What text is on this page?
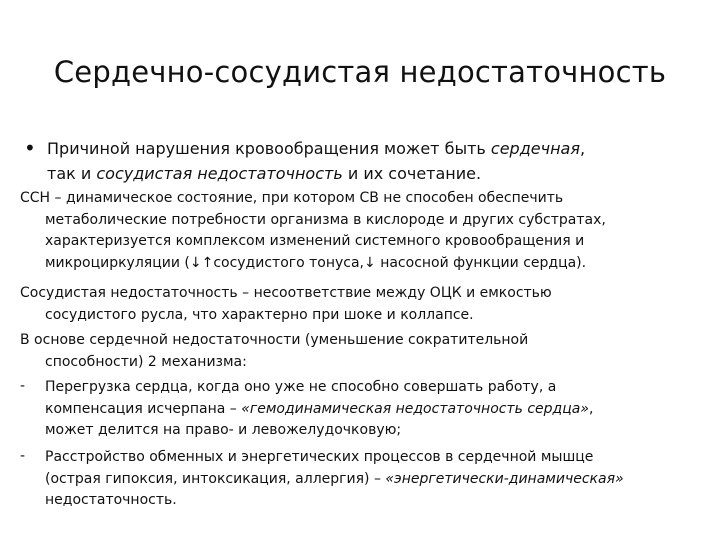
Сердечно-сосудистая недостаточность
• Причиной нарушения кровообращения может быть сердечная,
так и сосудистая недостаточность и их сочетание.
ССН – динамическое состояние, при котором СВ не способен обеспечить
метаболические потребности организма в кислороде и других субстратах,
характеризуется комплексом изменений системного кровообращения и
микроциркуляции (↓↑сосудистого тонуса,↓ насосной функции сердца).
Сосудистая недостаточность – несоответствие между ОЦК и емкостью
сосудистого русла, что характерно при шоке и коллапсе.
В основе сердечной недостаточности (уменьшение сократительной
способности) 2 механизма:
- Перегрузка сердца, когда оно уже не способно совершать работу, а
компенсация исчерпана – «гемодинамическая недостаточность сердца»,
может делится на право- и левожелудочковую;
- Расстройство обменных и энергетических процессов в сердечной мышце
(острая гипоксия, интоксикация, аллергия) – «энергетически-динамическая»
недостаточность.
